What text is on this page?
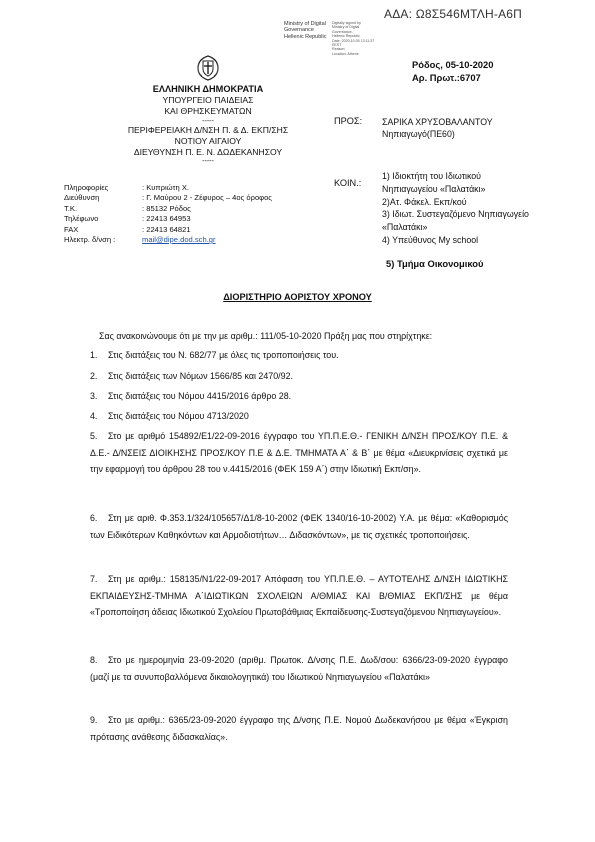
ΑΔΑ: Ω8Σ546ΜΤΛΗ-Α6Π
Ministry of Digital
Governance
Hellenic Republic
Digitally signed by
Ministry of Digital
Governance,
Hellenic Republic
Date: 2020.10.05 13:11:37
EEST
Reason:
Location: Athens
ΕΛΛΗΝΙΚΗ ΔΗΜΟΚΡΑΤΙΑ
ΥΠΟΥΡΓΕΙΟ ΠΑΙΔΕΙΑΣ
ΚΑΙ ΘΡΗΣΚΕΥΜΑΤΩΝ
-----
ΠΕΡΙΦΕΡΕΙΑΚΗ Δ/ΝΣΗ Π. & Δ. ΕΚΠ/ΣΗΣ
ΝΟΤΙΟΥ ΑΙΓΑΙΟΥ
ΔΙΕΥΘΥΝΣΗ Π. Ε. Ν. ΔΩΔΕΚΑΝΗΣΟΥ
-----
Ρόδος, 05-10-2020
Αρ. Πρωτ.:6707
Πληροφορίες	: Κυπριώτη Χ.
Διεύθυνση	: Γ. Μαύρου 2 - Ζέφυρος – 4ος όροφος
Τ.Κ.	: 85132 Ρόδος
Τηλέφωνο	: 22413 64953
FAX	: 22413 64821
Ηλεκτρ. δ/νση :	mail@dipe.dod.sch.gr
ΠΡΟΣ: ΣΑΡΙΚΑ ΧΡΥΣΟΒΑΛΑΝΤΟΥ
Νηπιαγωγό(ΠΕ60)
ΚΟΙΝ.:
1) Ιδιοκτήτη του Ιδιωτικού
Νηπιαγωγείου «Παλατάκι»
2)Ατ. Φάκελ. Εκπ/κού
3) Ιδιωτ. Συστεγαζόμενο Νηπιαγωγείο
«Παλατάκι»
4) Υπεύθυνος My school
5) Τμήμα Οικονομικού
ΔΙΟΡΙΣΤΗΡΙΟ ΑΟΡΙΣΤΟΥ ΧΡΟΝΟΥ
Σας ανακοινώνουμε ότι με την με αριθμ.: 111/05-10-2020 Πράξη μας που στηρίχτηκε:
1. Στις διατάξεις του Ν. 682/77 με όλες τις τροποποιήσεις του.
2. Στις διατάξεις των Νόμων 1566/85 και 2470/92.
3. Στις διατάξεις του Νόμου 4415/2016 άρθρο 28.
4. Στις διατάξεις του Νόμου 4713/2020
5. Στο με αριθμό 154892/Ε1/22-09-2016 έγγραφο του ΥΠ.Π.Ε.Θ.- ΓΕΝΙΚΗ Δ/ΝΣΗ ΠΡΟΣ/ΚΟΥ Π.Ε. & Δ.Ε.- Δ/ΝΣΕΙΣ ΔΙΟΙΚΗΣΗΣ ΠΡΟΣ/ΚΟΥ Π.Ε & Δ.Ε. ΤΜΗΜΑΤΑ Α΄ & Β΄ με θέμα «Διευκρινίσεις σχετικά με την εφαρμογή του άρθρου 28 του ν.4415/2016 (ΦΕΚ 159 Α΄) στην Ιδιωτική Εκπ/ση».
6. Στη με αριθ. Φ.353.1/324/105657/Δ1/8-10-2002 (ΦΕΚ 1340/16-10-2002) Υ.Α. με θέμα: «Καθορισμός των Ειδικότερων Καθηκόντων και Αρμοδιοτήτων… Διδασκόντων», με τις σχετικές τροποποιήσεις.
7. Στη με αριθμ.: 158135/Ν1/22-09-2017 Απόφαση του ΥΠ.Π.Ε.Θ. – ΑΥΤΟΤΕΛΗΣ Δ/ΝΣΗ ΙΔΙΩΤΙΚΗΣ ΕΚΠΑΙΔΕΥΣΗΣ-ΤΜΗΜΑ Α΄ΙΔΙΩΤΙΚΩΝ ΣΧΟΛΕΙΩΝ Α/ΘΜΙΑΣ ΚΑΙ Β/ΘΜΙΑΣ ΕΚΠ/ΣΗΣ με θέμα «Τροποποίηση άδειας Ιδιωτικού Σχολείου Πρωτοβάθμιας Εκπαίδευσης-Συστεγαζόμενου Νηπιαγωγείου».
8. Στο με ημερομηνία 23-09-2020 (αριθμ. Πρωτοκ. Δ/νσης Π.Ε. Δωδ/σου: 6366/23-09-2020 έγγραφο (μαζί με τα συνυποβαλλόμενα δικαιολογητικά) του Ιδιωτικού Νηπιαγωγείου «Παλατάκι»
9. Στο με αριθμ.: 6365/23-09-2020 έγγραφο της Δ/νσης Π.Ε. Νομού Δωδεκανήσου με θέμα «Έγκριση πρότασης ανάθεσης διδασκαλίας».
